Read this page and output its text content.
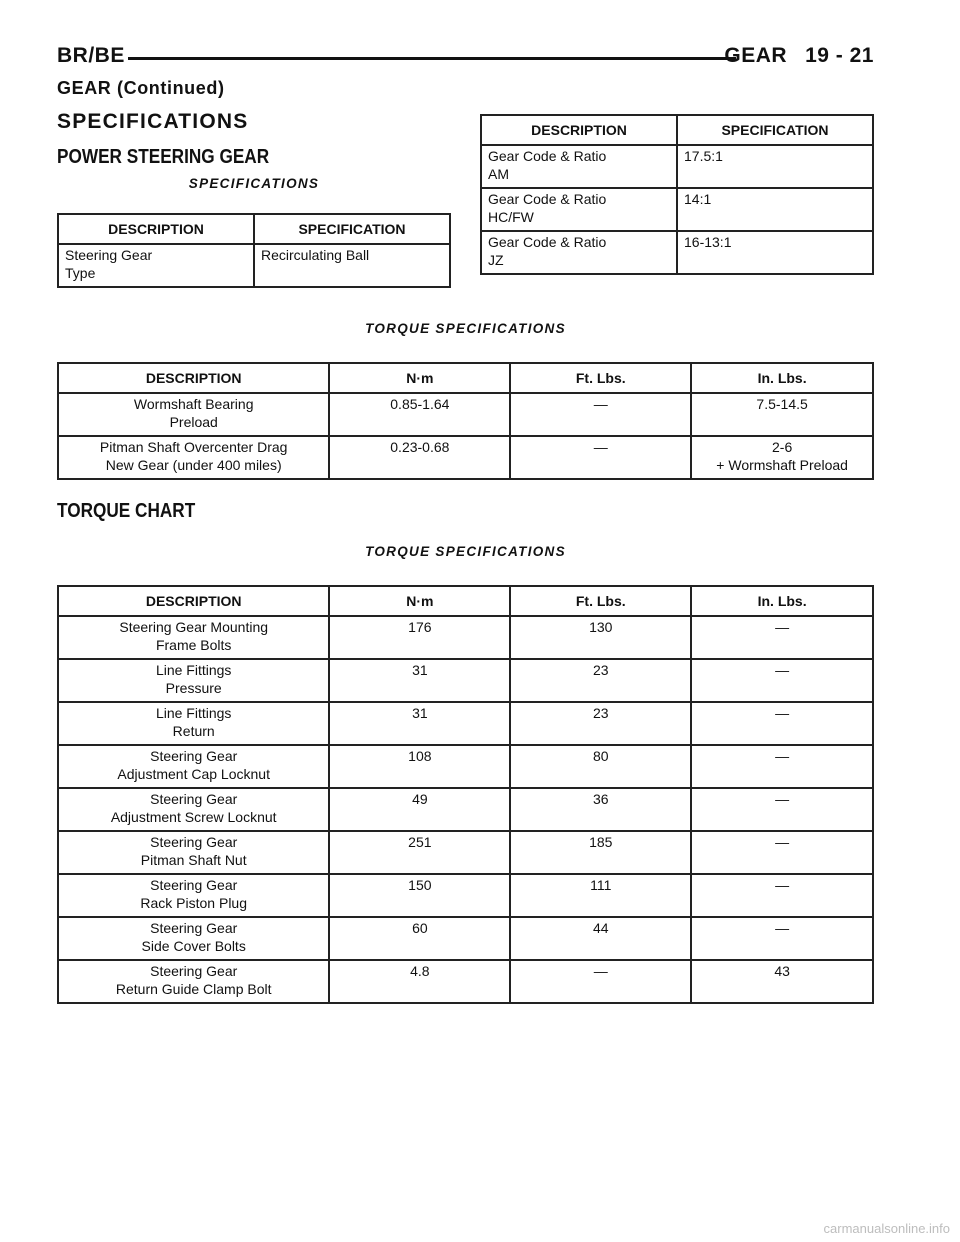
BR/BE	GEAR 19 - 21
GEAR (Continued)
SPECIFICATIONS
POWER STEERING GEAR
SPECIFICATIONS
DESCRIPTION	SPECIFICATION

Steering Gear
Type	Recirculating Ball
DESCRIPTION	SPECIFICATION

Gear Code & Ratio
AM	17.5:1

Gear Code & Ratio
HC/FW	14:1

Gear Code & Ratio
JZ	16-13:1
TORQUE SPECIFICATIONS
DESCRIPTION	N·m	Ft. Lbs.	In. Lbs.

Wormshaft Bearing
Preload	0.85-1.64	—	7.5-14.5

Pitman Shaft Overcenter Drag
New Gear (under 400 miles)	0.23-0.68	—	2-6
+ Wormshaft Preload
TORQUE CHART
TORQUE SPECIFICATIONS
DESCRIPTION	N·m	Ft. Lbs.	In. Lbs.

Steering Gear Mounting
Frame Bolts	176	130	—

Line Fittings
Pressure	31	23	—

Line Fittings
Return	31	23	—

Steering Gear
Adjustment Cap Locknut	108	80	—

Steering Gear
Adjustment Screw Locknut	49	36	—

Steering Gear
Pitman Shaft Nut	251	185	—

Steering Gear
Rack Piston Plug	150	111	—

Steering Gear
Side Cover Bolts	60	44	—

Steering Gear
Return Guide Clamp Bolt	4.8	—	43
carmanualsonline.info
